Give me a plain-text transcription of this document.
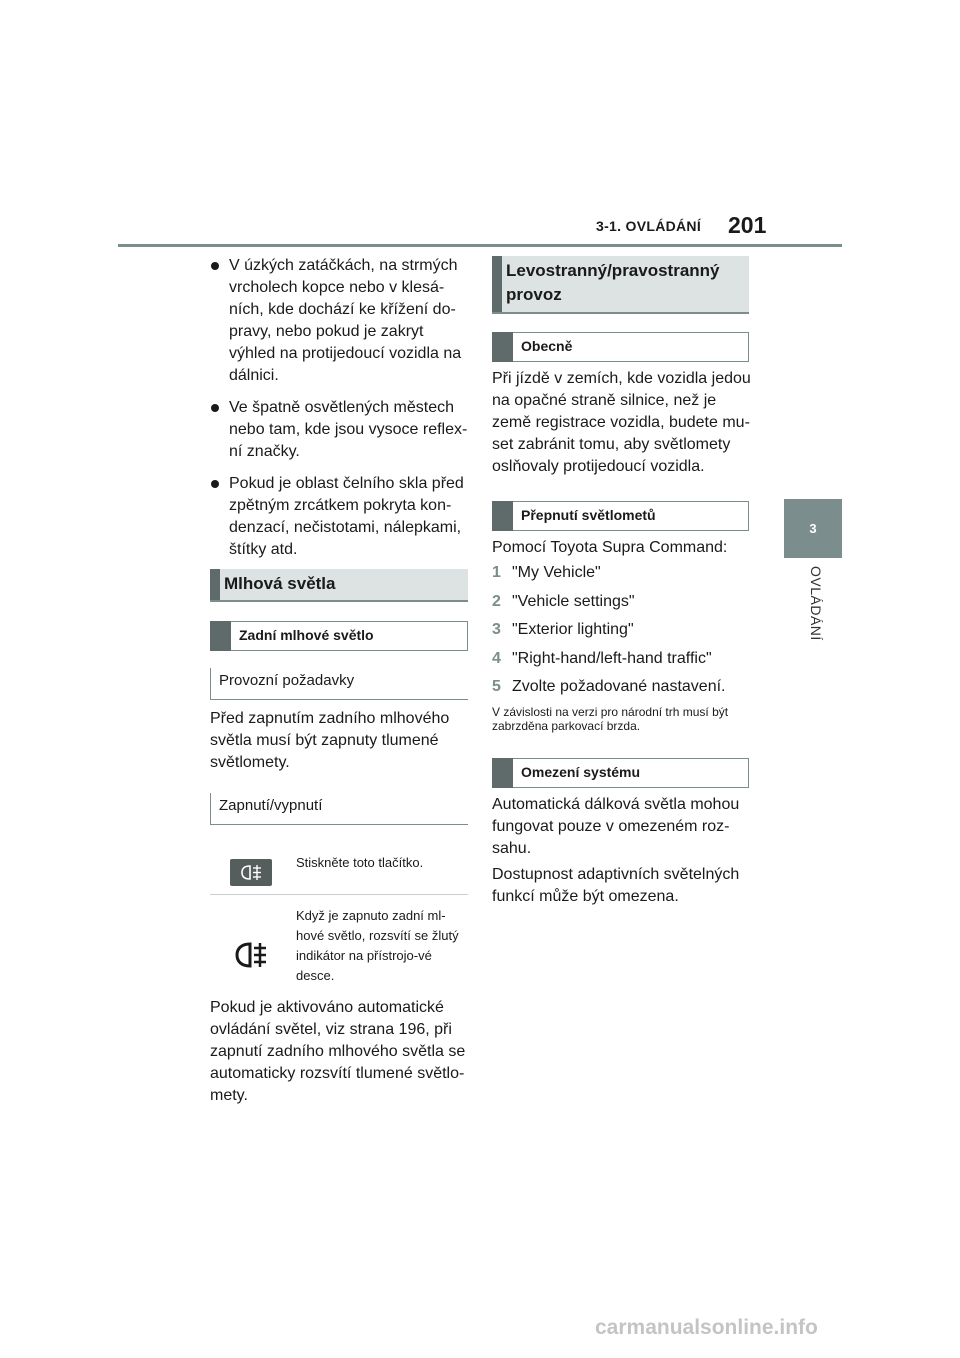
3-1. OVLÁDÁNÍ 201
3
OVLÁDÁNÍ
V úzkých zatáčkách, na strmých vrcholech kopce nebo v klesá-ních, kde dochází ke křížení do-pravy, nebo pokud je zakryt výhled na protijedoucí vozidla na dálnici.
Ve špatně osvětlených městech nebo tam, kde jsou vysoce reflex-ní značky.
Pokud je oblast čelního skla před zpětným zrcátkem pokryta kon-denzací, nečistotami, nálepkami, štítky atd.
Mlhová světla
Zadní mlhové světlo
Provozní požadavky

Před zapnutím zadního mlhového světla musí být zapnuty tlumené světlomety.

Zapnutí/vypnutí
Stiskněte toto tlačítko.
Když je zapnuto zadní ml-hové světlo, rozsvítí se žlutý indikátor na přístrojo-vé desce.

Pokud je aktivováno automatické ovládání světel, viz strana 196, při zapnutí zadního mlhového světla se automaticky rozsvítí tlumené světlo-mety.

Levostranný/pravostranný provoz
Obecně

Při jízdě v zemích, kde vozidla jedou na opačné straně silnice, než je země registrace vozidla, budete mu-set zabránit tomu, aby světlomety oslňovaly protijedoucí vozidla.

Přepnutí světlometů

Pomocí Toyota Supra Command:

1 "My Vehicle"
2 "Vehicle settings"
3 "Exterior lighting"
4 "Right-hand/left-hand traffic"
5 Zvolte požadované nastavení.

V závislosti na verzi pro národní trh musí být zabrzděna parkovací brzda.

Omezení systému

Automatická dálková světla mohou fungovat pouze v omezeném roz-sahu.

Dostupnost adaptivních světelných funkcí může být omezena.

carmanualsonline.info
